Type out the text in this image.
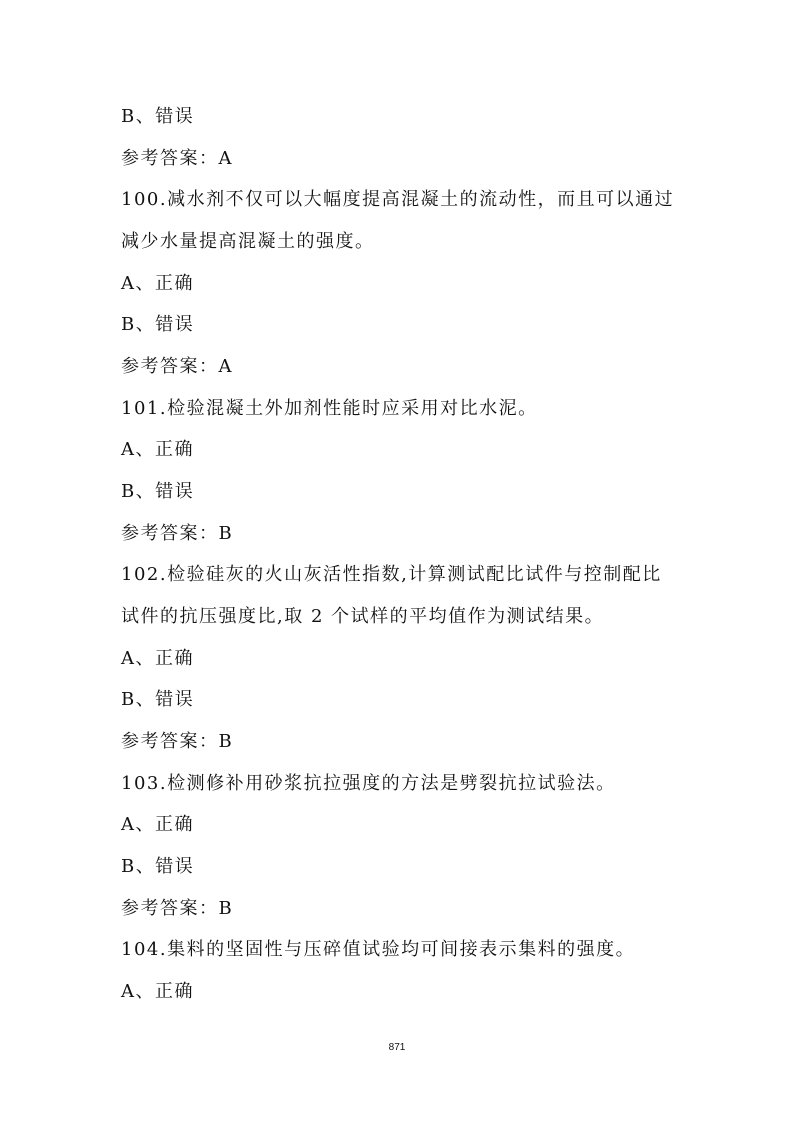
B、错误
参考答案：A
100.减水剂不仅可以大幅度提高混凝土的流动性，而且可以通过
减少水量提高混凝土的强度。
A、正确
B、错误
参考答案：A
101.检验混凝土外加剂性能时应采用对比水泥。
A、正确
B、错误
参考答案：B
102.检验硅灰的火山灰活性指数,计算测试配比试件与控制配比
试件的抗压强度比,取 2 个试样的平均值作为测试结果。
A、正确
B、错误
参考答案：B
103.检测修补用砂浆抗拉强度的方法是劈裂抗拉试验法。
A、正确
B、错误
参考答案：B
104.集料的坚固性与压碎值试验均可间接表示集料的强度。
A、正确
871
